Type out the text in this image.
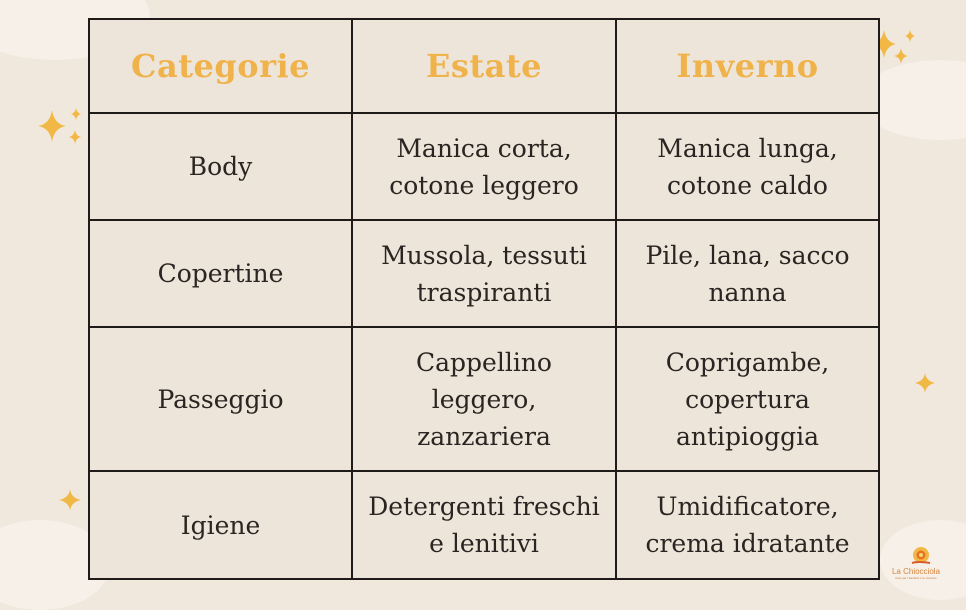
Categorie	Estate	Inverno
Body	Manica corta, cotone leggero	Manica lunga, cotone caldo
Copertine	Mussola, tessuti traspiranti	Pile, lana, sacco nanna
Passeggio	Cappellino leggero, zanzariera	Coprigambe, copertura antipioggia
Igiene	Detergenti freschi e lenitivi	Umidificatore, crema idratante
La Chiocciola
tutto per i bambini e le mamme
